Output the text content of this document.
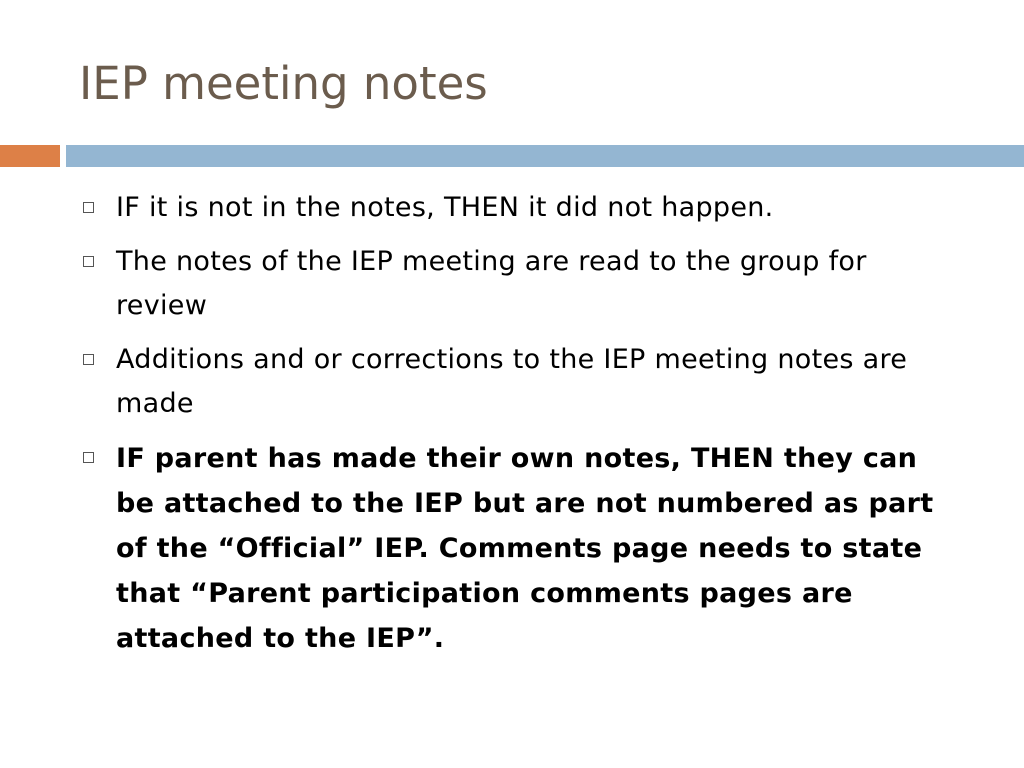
IEP meeting notes
IF it is not in the notes, THEN it did not happen.
The notes of the IEP meeting are read to the group for review
Additions and or corrections to the IEP meeting notes are made
IF parent has made their own notes, THEN they can be attached to the IEP but are not numbered as part of the “Official” IEP. Comments page needs to state that “Parent participation comments pages are attached to the IEP”.
